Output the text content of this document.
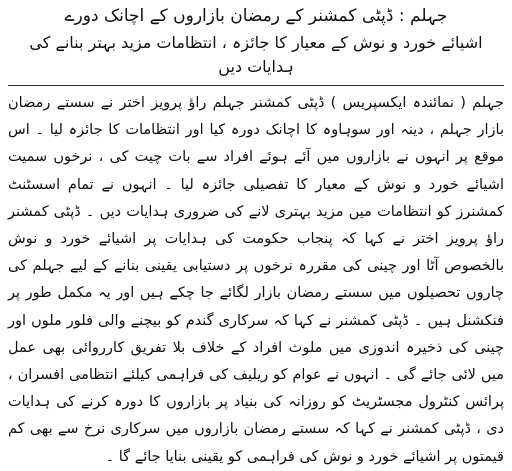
جہلم : ڈپٹی کمشنر کے رمضان بازاروں کے اچانک دورے
اشیائے خورد و نوش کے معیار کا جائزہ ، انتظامات مزید بہتر بنانے کی ہدایات دیں

جہلم ( نمائندہ ایکسپریس ) ڈپٹی کمشنر جہلم راؤ پرویز اختر نے سستے رمضان بازار جہلم ، دینہ اور سوہاوہ کا اچانک دورہ کیا اور انتظامات کا جائزہ لیا ۔ اس موقع پر انہوں نے بازاروں میں آئے ہوئے افراد سے بات چیت کی ، نرخوں سمیت اشیائے خورد و نوش کے معیار کا تفصیلی جائزہ لیا ۔ انہوں نے تمام اسسٹنٹ کمشنرز کو انتظامات میں مزید بہتری لانے کی ضروری ہدایات دیں ۔ ڈپٹی کمشنر راؤ پرویز اختر نے کہا کہ پنجاب حکومت کی ہدایات پر اشیائے خورد و نوش بالخصوص آٹا اور چینی کی مقررہ نرخوں پر دستیابی یقینی بنانے کے لیے جہلم کی چاروں تحصیلوں میں سستے رمضان بازار لگائے جا چکے ہیں اور یہ مکمل طور پر فنکشنل ہیں ۔ ڈپٹی کمشنر نے کہا کہ سرکاری گندم کو بیچنے والی فلور ملوں اور چینی کی ذخیرہ اندوزی میں ملوث افراد کے خلاف بلا تفریق کارروائی بھی عمل میں لائی جائے گی ۔ انہوں نے عوام کو ریلیف کی فراہمی کیلئے انتظامی افسران ، پرائس کنٹرول مجسٹریٹ کو روزانہ کی بنیاد پر بازاروں کا دورہ کرنے کی ہدایات دی ، ڈپٹی کمشنر نے کہا کہ سستے رمضان بازاروں میں سرکاری نرخ سے بھی کم قیمتوں پر اشیائے خورد و نوش کی فراہمی کو یقینی بنایا جائے گا ۔
